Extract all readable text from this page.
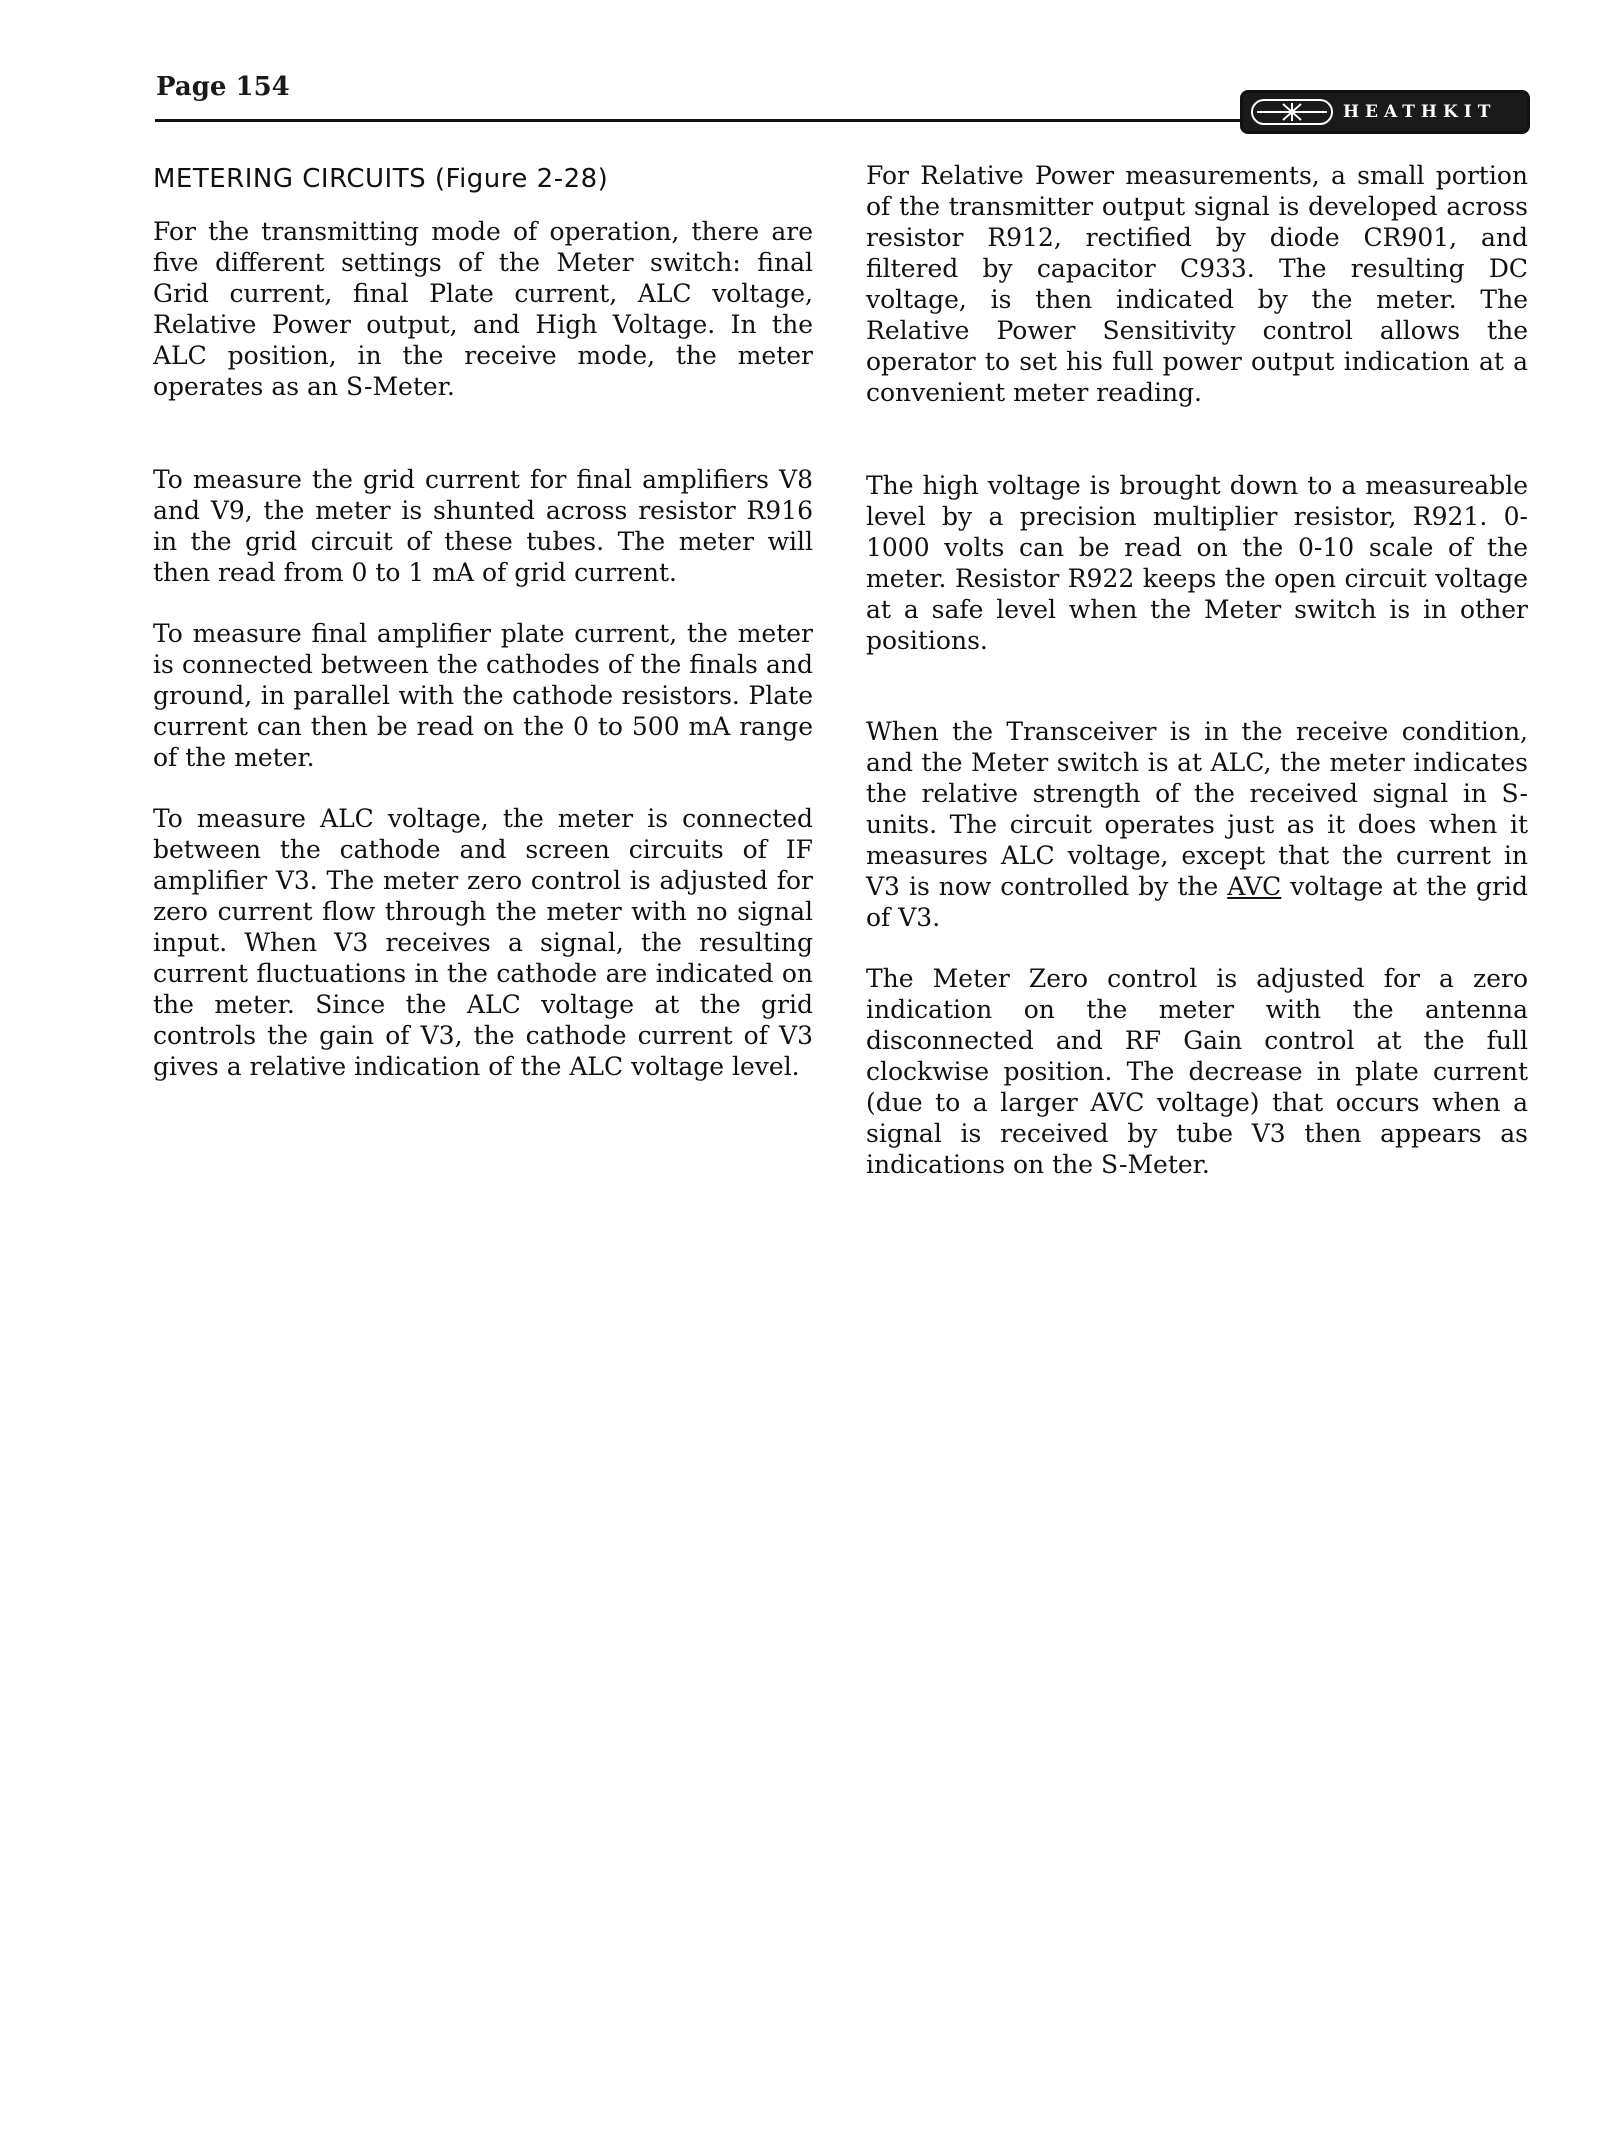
Page 154
HEATHKIT
METERING CIRCUITS (Figure 2-28)

For the transmitting mode of operation, there are five different settings of the Meter switch: final Grid current, final Plate current, ALC voltage, Relative Power output, and High Voltage. In the ALC position, in the receive mode, the meter operates as an S-Meter.

To measure the grid current for final amplifiers V8 and V9, the meter is shunted across resistor R916 in the grid circuit of these tubes. The meter will then read from 0 to 1 mA of grid current.

To measure final amplifier plate current, the meter is connected between the cathodes of the finals and ground, in parallel with the cathode resistors. Plate current can then be read on the 0 to 500 mA range of the meter.

To measure ALC voltage, the meter is connected between the cathode and screen circuits of IF amplifier V3. The meter zero control is adjusted for zero current flow through the meter with no signal input. When V3 receives a signal, the resulting current fluctuations in the cathode are indicated on the meter. Since the ALC voltage at the grid controls the gain of V3, the cathode current of V3 gives a relative indication of the ALC voltage level.

For Relative Power measurements, a small portion of the transmitter output signal is developed across resistor R912, rectified by diode CR901, and filtered by capacitor C933. The resulting DC voltage, is then indicated by the meter. The Relative Power Sensitivity control allows the operator to set his full power output indication at a convenient meter reading.

The high voltage is brought down to a measureable level by a precision multiplier resistor, R921. 0-1000 volts can be read on the 0-10 scale of the meter. Resistor R922 keeps the open circuit voltage at a safe level when the Meter switch is in other positions.

When the Transceiver is in the receive condition, and the Meter switch is at ALC, the meter indicates the relative strength of the received signal in S-units. The circuit operates just as it does when it measures ALC voltage, except that the current in V3 is now controlled by the AVC voltage at the grid of V3.

The Meter Zero control is adjusted for a zero indication on the meter with the antenna disconnected and RF Gain control at the full clockwise position. The decrease in plate current (due to a larger AVC voltage) that occurs when a signal is received by tube V3 then appears as indications on the S-Meter.
